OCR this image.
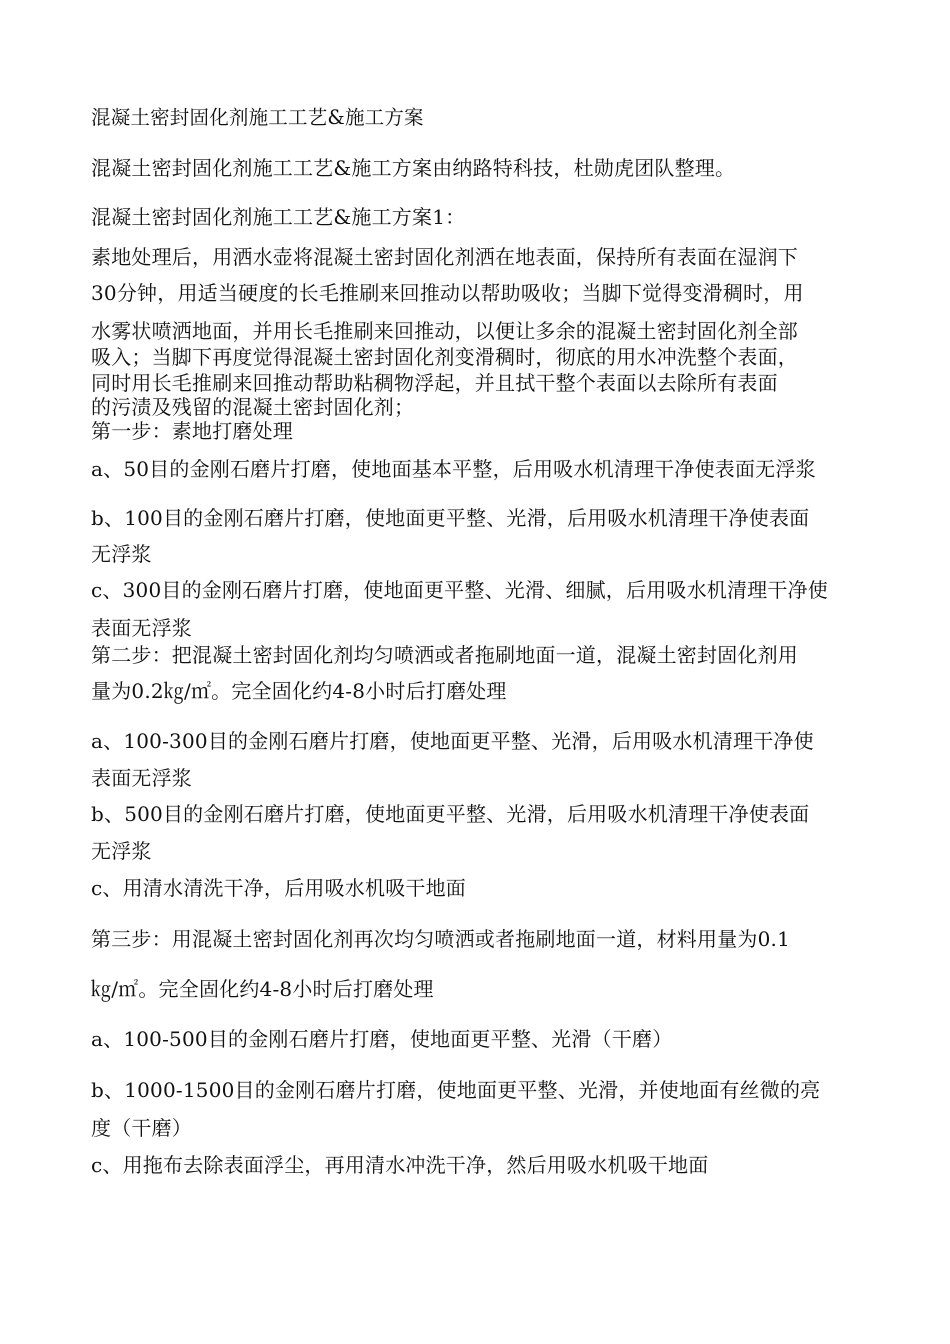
混凝土密封固化剂施工工艺&施工方案
混凝土密封固化剂施工工艺&施工方案由纳路特科技，杜勋虎团队整理。
混凝土密封固化剂施工工艺&施工方案1：
素地处理后，用洒水壶将混凝土密封固化剂洒在地表面，保持所有表面在湿润下
30分钟，用适当硬度的长毛推刷来回推动以帮助吸收；当脚下觉得变滑稠时，用
水雾状喷洒地面，并用长毛推刷来回推动，以便让多余的混凝土密封固化剂全部
吸入；当脚下再度觉得混凝土密封固化剂变滑稠时，彻底的用水冲洗整个表面，
同时用长毛推刷来回推动帮助粘稠物浮起，并且拭干整个表面以去除所有表面
的污渍及残留的混凝土密封固化剂；
第一步：素地打磨处理
a、50目的金刚石磨片打磨，使地面基本平整，后用吸水机清理干净使表面无浮浆
b、100目的金刚石磨片打磨，使地面更平整、光滑，后用吸水机清理干净使表面
无浮浆
c、300目的金刚石磨片打磨，使地面更平整、光滑、细腻，后用吸水机清理干净使
表面无浮浆
第二步：把混凝土密封固化剂均匀喷洒或者拖刷地面一道，混凝土密封固化剂用
量为0.2㎏/㎡。完全固化约4-8小时后打磨处理
a、100-300目的金刚石磨片打磨，使地面更平整、光滑，后用吸水机清理干净使
表面无浮浆
b、500目的金刚石磨片打磨，使地面更平整、光滑，后用吸水机清理干净使表面
无浮浆
c、用清水清洗干净，后用吸水机吸干地面
第三步：用混凝土密封固化剂再次均匀喷洒或者拖刷地面一道，材料用量为0.1
㎏/㎡。完全固化约4-8小时后打磨处理
a、100-500目的金刚石磨片打磨，使地面更平整、光滑（干磨）
b、1000-1500目的金刚石磨片打磨，使地面更平整、光滑，并使地面有丝微的亮
度（干磨）
c、用拖布去除表面浮尘，再用清水冲洗干净，然后用吸水机吸干地面
